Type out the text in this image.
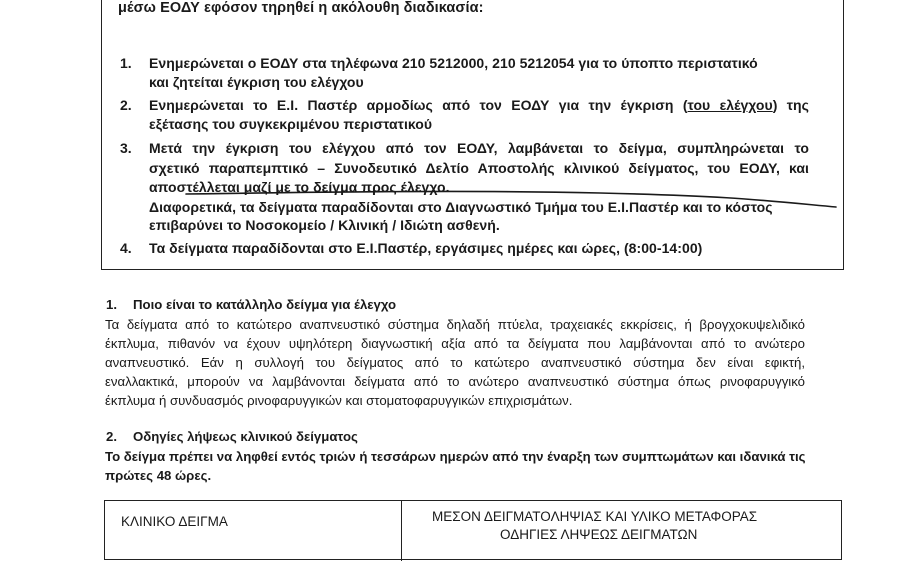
μέσω ΕΟΔΥ εφόσον τηρηθεί η ακόλουθη διαδικασία:
1. Ενημερώνεται ο ΕΟΔΥ στα τηλέφωνα 210 5212000, 210 5212054 για το ύποπτο περιστατικό
και ζητείται έγκριση του ελέγχου
2. Ενημερώνεται το Ε.Ι. Παστέρ αρμοδίως από τον ΕΟΔΥ για την έγκριση (του ελέγχου) της
εξέτασης του συγκεκριμένου περιστατικού
3. Μετά την έγκριση του ελέγχου από τον ΕΟΔΥ, λαμβάνεται το δείγμα, συμπληρώνεται το
σχετικό παραπεμπτικό – Συνοδευτικό Δελτίο Αποστολής κλινικού δείγματος, του ΕΟΔΥ, και
αποστέλλεται μαζί με το δείγμα προς έλεγχο.
Διαφορετικά, τα δείγματα παραδίδονται στο Διαγνωστικό Τμήμα του Ε.Ι.Παστέρ και το κόστος
επιβαρύνει το Νοσοκομείο / Κλινική / Ιδιώτη ασθενή.
4. Τα δείγματα παραδίδονται στο Ε.Ι.Παστέρ, εργάσιμες ημέρες και ώρες, (8:00-14:00)
1. Ποιο είναι το κατάλληλο δείγμα για έλεγχο
Τα δείγματα από το κατώτερο αναπνευστικό σύστημα δηλαδή πτύελα, τραχειακές εκκρίσεις, ή βρογχοκυψελιδικό
έκπλυμα, πιθανόν να έχουν υψηλότερη διαγνωστική αξία από τα δείγματα που λαμβάνονται από το ανώτερο
αναπνευστικό. Εάν η συλλογή του δείγματος από το κατώτερο αναπνευστικό σύστημα δεν είναι εφικτή,
εναλλακτικά, μπορούν να λαμβάνονται δείγματα από το ανώτερο αναπνευστικό σύστημα όπως ρινοφαρυγγικό
έκπλυμα ή συνδυασμός ρινοφαρυγγικών και στοματοφαρυγγικών επιχρισμάτων.
2. Οδηγίες λήψεως κλινικού δείγματος
Το δείγμα πρέπει να ληφθεί εντός τριών ή τεσσάρων ημερών από την έναρξη των συμπτωμάτων και ιδανικά τις
πρώτες 48 ώρες.
ΚΛΙΝΙΚΟ ΔΕΙΓΜΑ	ΜΕΣΟΝ ΔΕΙΓΜΑΤΟΛΗΨΙΑΣ ΚΑΙ ΥΛΙΚΟ ΜΕΤΑΦΟΡΑΣ
ΟΔΗΓΙΕΣ ΛΗΨΕΩΣ ΔΕΙΓΜΑΤΩΝ
